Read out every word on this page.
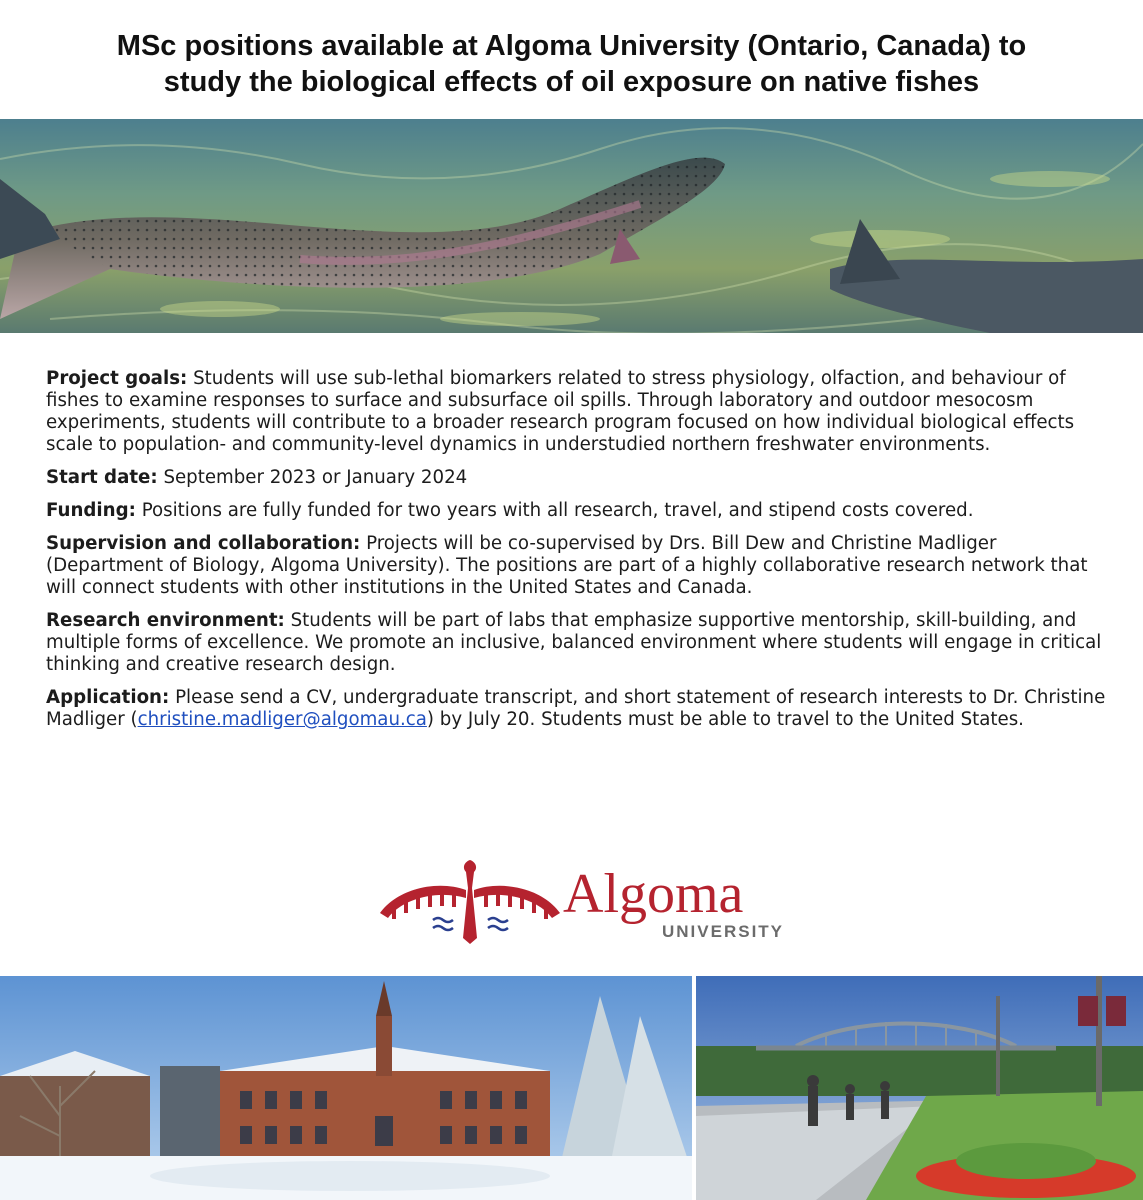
MSc positions available at Algoma University (Ontario, Canada) to
study the biological effects of oil exposure on native fishes

Project goals: Students will use sub-lethal biomarkers related to stress physiology, olfaction, and behaviour of fishes to examine responses to surface and subsurface oil spills. Through laboratory and outdoor mesocosm experiments, students will contribute to a broader research program focused on how individual biological effects scale to population- and community-level dynamics in understudied northern freshwater environments.

Start date: September 2023 or January 2024

Funding: Positions are fully funded for two years with all research, travel, and stipend costs covered.

Supervision and collaboration: Projects will be co-supervised by Drs. Bill Dew and Christine Madliger (Department of Biology, Algoma University). The positions are part of a highly collaborative research network that will connect students with other institutions in the United States and Canada.

Research environment: Students will be part of labs that emphasize supportive mentorship, skill-building, and multiple forms of excellence. We promote an inclusive, balanced environment where students will engage in critical thinking and creative research design.

Application: Please send a CV, undergraduate transcript, and short statement of research interests to Dr. Christine Madliger (christine.madliger@algomau.ca) by July 20. Students must be able to travel to the United States.

Algoma
UNIVERSITY
